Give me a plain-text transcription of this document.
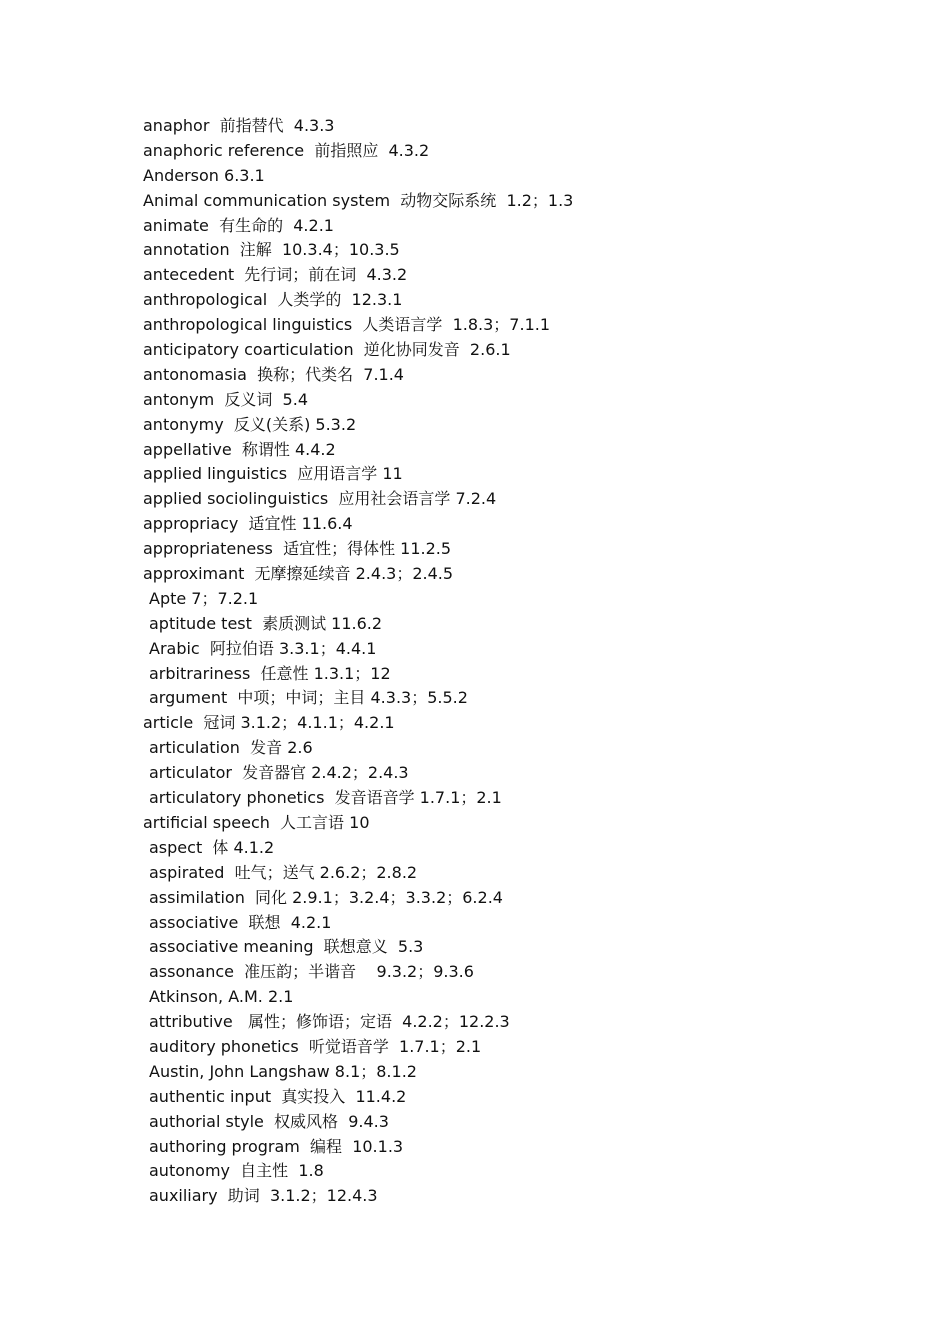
anaphor  前指替代  4.3.3
anaphoric reference  前指照应  4.3.2
Anderson 6.3.1
Animal communication system  动物交际系统  1.2；1.3
animate  有生命的  4.2.1
annotation  注解  10.3.4；10.3.5
antecedent  先行词；前在词  4.3.2
anthropological  人类学的  12.3.1
anthropological linguistics  人类语言学  1.8.3；7.1.1
anticipatory coarticulation  逆化协同发音  2.6.1
antonomasia  换称；代类名  7.1.4
antonym  反义词  5.4
antonymy  反义(关系) 5.3.2
appellative  称谓性 4.4.2
applied linguistics  应用语言学 11
applied sociolinguistics  应用社会语言学 7.2.4
appropriacy  适宜性 11.6.4
appropriateness  适宜性；得体性 11.2.5
approximant  无摩擦延续音 2.4.3；2.4.5
Apte 7；7.2.1
aptitude test  素质测试 11.6.2
Arabic  阿拉伯语 3.3.1；4.4.1
arbitrariness  任意性 1.3.1；12
argument  中项；中词；主目 4.3.3；5.5.2
article  冠词 3.1.2；4.1.1；4.2.1
articulation  发音 2.6
articulator  发音器官 2.4.2；2.4.3
articulatory phonetics  发音语音学 1.7.1；2.1
artificial speech  人工言语 10
aspect  体 4.1.2
aspirated  吐气；送气 2.6.2；2.8.2
assimilation  同化 2.9.1；3.2.4；3.3.2；6.2.4
associative  联想  4.2.1
associative meaning  联想意义  5.3
assonance  准压韵；半谐音    9.3.2；9.3.6
Atkinson, A.M. 2.1
attributive   属性；修饰语；定语  4.2.2；12.2.3
auditory phonetics  听觉语音学  1.7.1；2.1
Austin, John Langshaw 8.1；8.1.2
authentic input  真实投入  11.4.2
authorial style  权威风格  9.4.3
authoring program  编程  10.1.3
autonomy  自主性  1.8
auxiliary  助词  3.1.2；12.4.3
